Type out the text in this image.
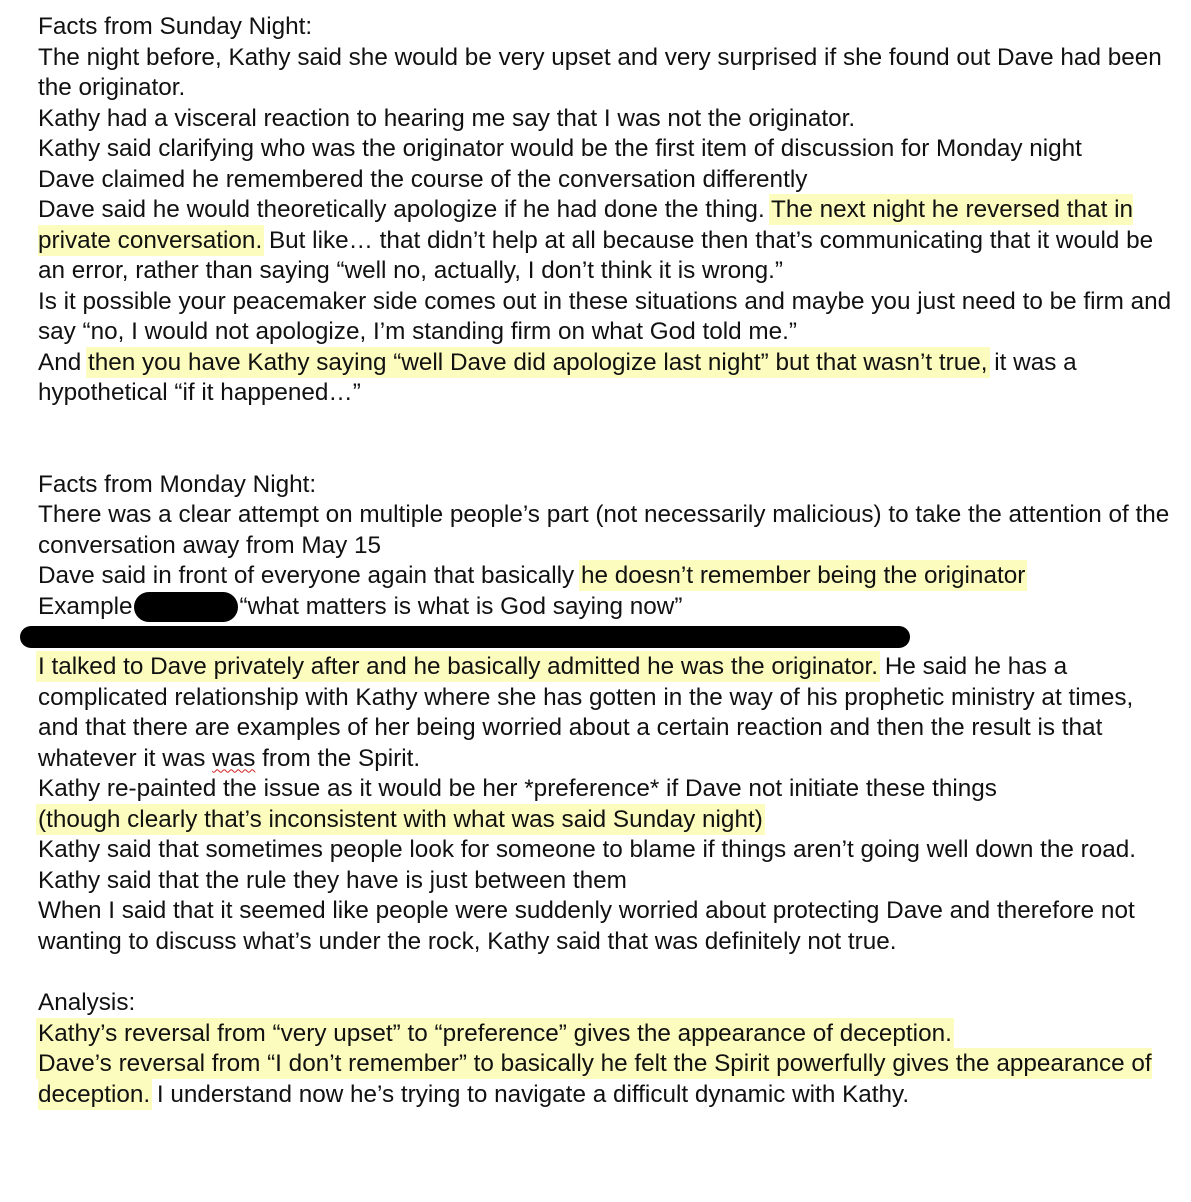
Facts from Sunday Night:
The night before, Kathy said she would be very upset and very surprised if she found out Dave had been the originator.
Kathy had a visceral reaction to hearing me say that I was not the originator.
Kathy said clarifying who was the originator would be the first item of discussion for Monday night
Dave claimed he remembered the course of the conversation differently
Dave said he would theoretically apologize if he had done the thing. The next night he reversed that in private conversation. But like… that didn’t help at all because then that’s communicating that it would be an error, rather than saying “well no, actually, I don’t think it is wrong.”
Is it possible your peacemaker side comes out in these situations and maybe you just need to be firm and say “no, I would not apologize, I’m standing firm on what God told me.”
And then you have Kathy saying “well Dave did apologize last night” but that wasn’t true, it was a hypothetical “if it happened…”
Facts from Monday Night:
There was a clear attempt on multiple people’s part (not necessarily malicious) to take the attention of the conversation away from May 15
Dave said in front of everyone again that basically he doesn’t remember being the originator
Example	“what matters is what is God saying now”
I talked to Dave privately after and he basically admitted he was the originator. He said he has a complicated relationship with Kathy where she has gotten in the way of his prophetic ministry at times, and that there are examples of her being worried about a certain reaction and then the result is that whatever it was was from the Spirit.
Kathy re-painted the issue as it would be her *preference* if Dave not initiate these things
(though clearly that’s inconsistent with what was said Sunday night)
Kathy said that sometimes people look for someone to blame if things aren’t going well down the road.
Kathy said that the rule they have is just between them
When I said that it seemed like people were suddenly worried about protecting Dave and therefore not wanting to discuss what’s under the rock, Kathy said that was definitely not true.
Analysis:
Kathy’s reversal from “very upset” to “preference” gives the appearance of deception.
Dave’s reversal from “I don’t remember” to basically he felt the Spirit powerfully gives the appearance of deception. I understand now he’s trying to navigate a difficult dynamic with Kathy.
